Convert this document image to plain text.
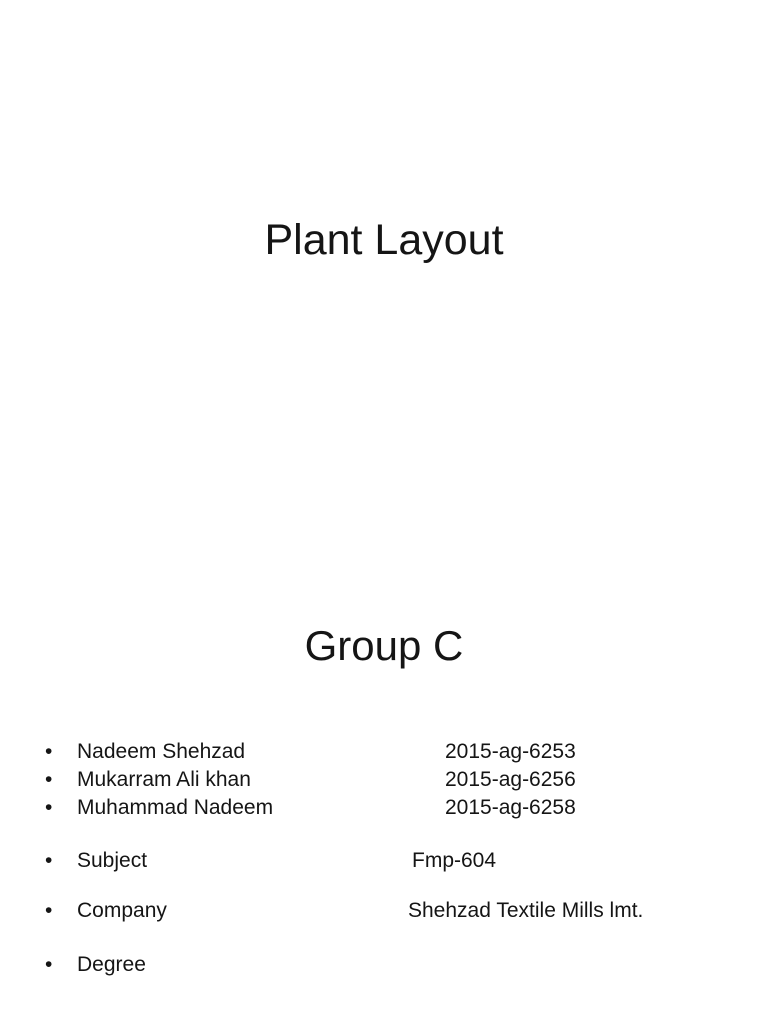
Plant Layout
Group C
• Nadeem Shehzad	2015-ag-6253
• Mukarram Ali khan	2015-ag-6256
• Muhammad Nadeem	2015-ag-6258
• Subject	Fmp-604
• Company	Shehzad Textile Mills lmt.
• Degree
